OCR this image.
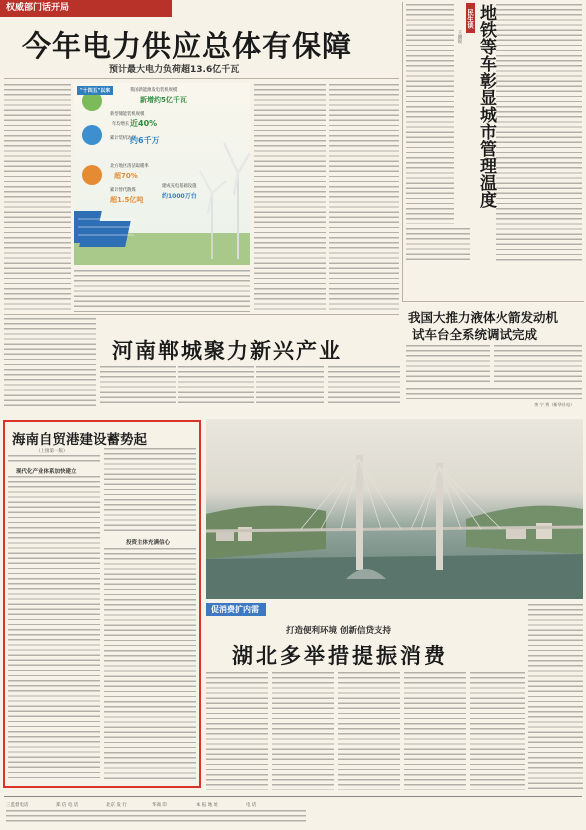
权威部门话开局
今年电力供应总体有保障
预计最大电力负荷超13.6亿千瓦
"十四五"以来	我国新能源发电装机规模
新增约5亿千瓦
新型储能装机规模
年均增长 近40%
累计装机达到
约6千万
北方地区清洁取暖率
超70%
累计替代散煤
超1.5亿吨
建成充电基础设施
约1000万台
民生谈 地铁等车彰显城市管理温度
王晓锐
我国大推力液体火箭发动机
试车台全系统调试完成
李 宁 秀（新华社电）
河南郸城聚力新兴产业
海南自贸港建设蓄势起
（上接第一版）
现代化产业体系加快建立
投资主体充满信心
促消费扩内需
打造便利环境 创新信贷支持
湖北多举措提振消费
三监督电话	郑 信 电 话	北京 发 行	华商 印	本 报 地 址	电 话
